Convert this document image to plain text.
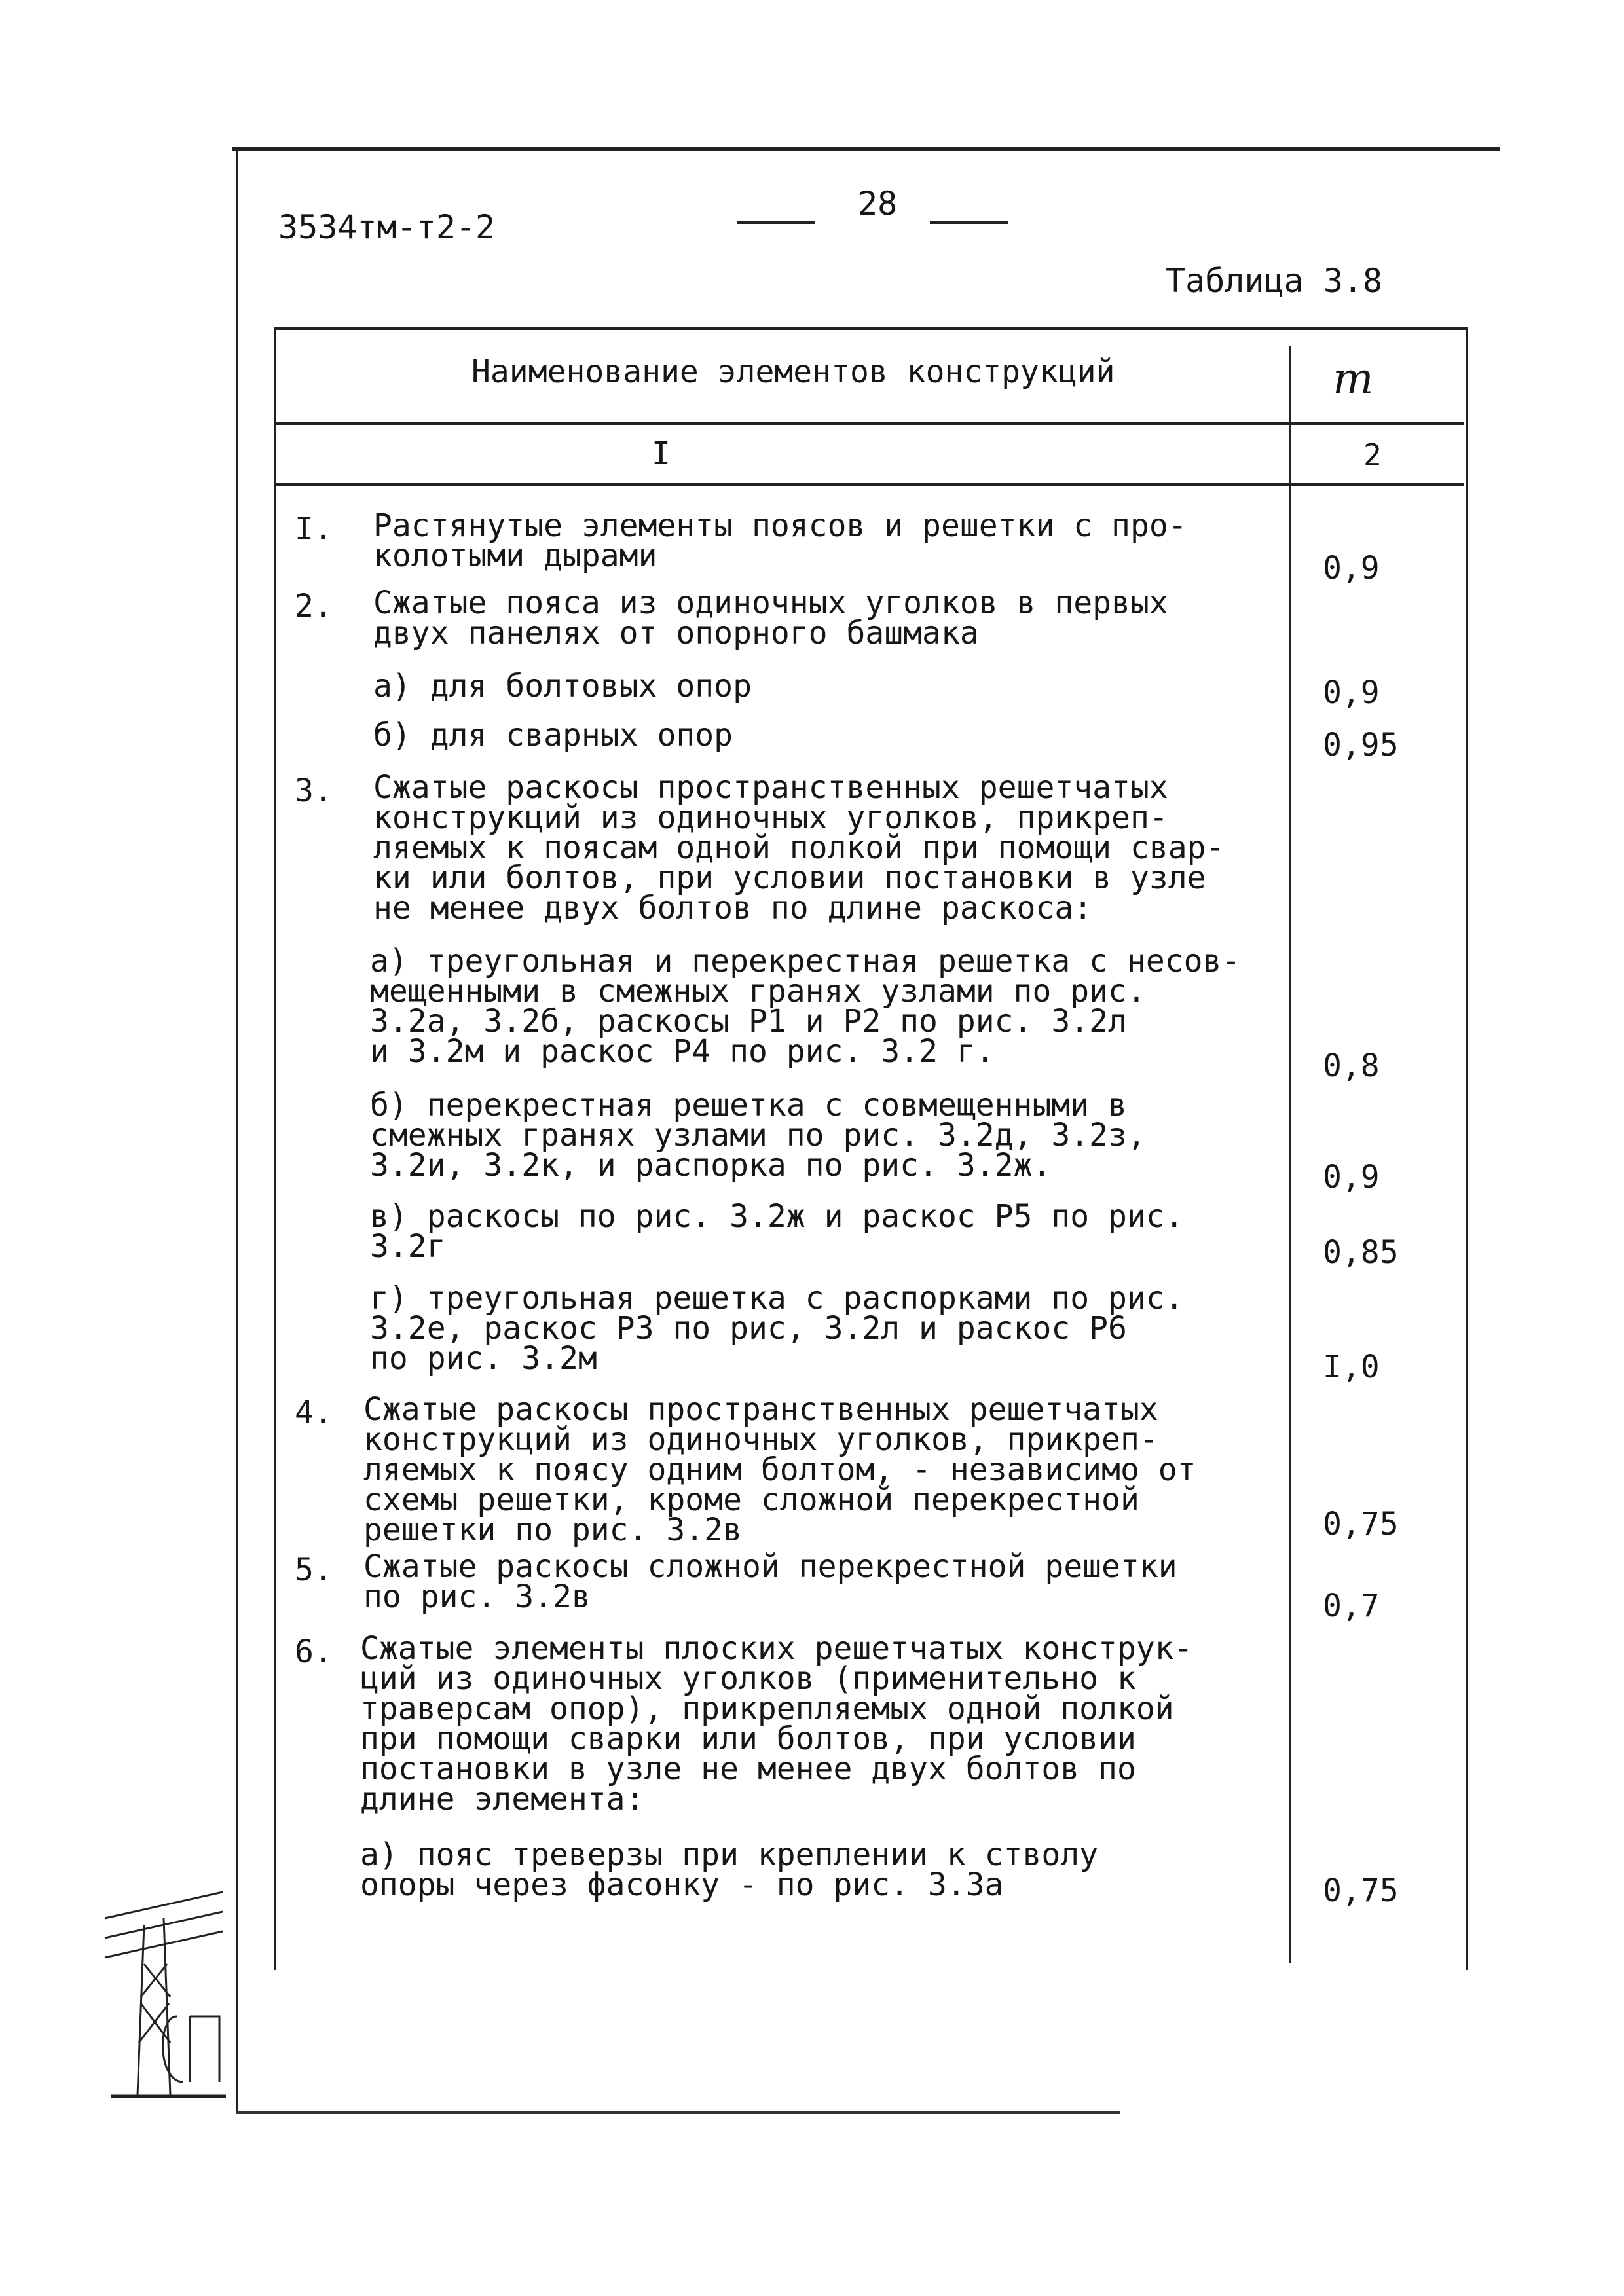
3534тм-т2-2
28
Таблица 3.8
Наименование элементов конструкций	m
I	2
I. Растянутые элементы поясов и решетки с про-
колотыми дырами	0,9
2. Сжатые пояса из одиночных уголков в первых
двух панелях от опорного башмака
а) для болтовых опор	0,9
б) для сварных опор	0,95
3. Сжатые раскосы пространственных решетчатых
конструкций из одиночных уголков, прикреп-
ляемых к поясам одной полкой при помощи свар-
ки или болтов, при условии постановки в узле
не менее двух болтов по длине раскоса:
а) треугольная и перекрестная решетка с несов-
мещенными в смежных гранях узлами по рис.
3.2а, 3.2б, раскосы P1 и P2 по рис. 3.2л
и 3.2м и раскос P4 по рис. 3.2 г.	0,8
б) перекрестная решетка с совмещенными в
смежных гранях узлами по рис. 3.2д, 3.2з,
3.2и, 3.2к, и распорка по рис. 3.2ж.	0,9
в) раскосы по рис. 3.2ж и раскос P5 по рис.
3.2г	0,85
г) треугольная решетка с распорками по рис.
3.2е, раскос P3 по рис, 3.2л и раскос P6
по рис. 3.2м	I,0
4. Сжатые раскосы пространственных решетчатых
конструкций из одиночных уголков, прикреп-
ляемых к поясу одним болтом, - независимо от
схемы решетки, кроме сложной перекрестной
решетки по рис. 3.2в	0,75
5. Сжатые раскосы сложной перекрестной решетки
по рис. 3.2в	0,7
6. Сжатые элементы плоских решетчатых конструк-
ций из одиночных уголков (применительно к
траверсам опор), прикрепляемых одной полкой
при помощи сварки или болтов, при условии
постановки в узле не менее двух болтов по
длине элемента:
а) пояс треверзы при креплении к стволу
опоры через фасонку - по рис. 3.3а	0,75
